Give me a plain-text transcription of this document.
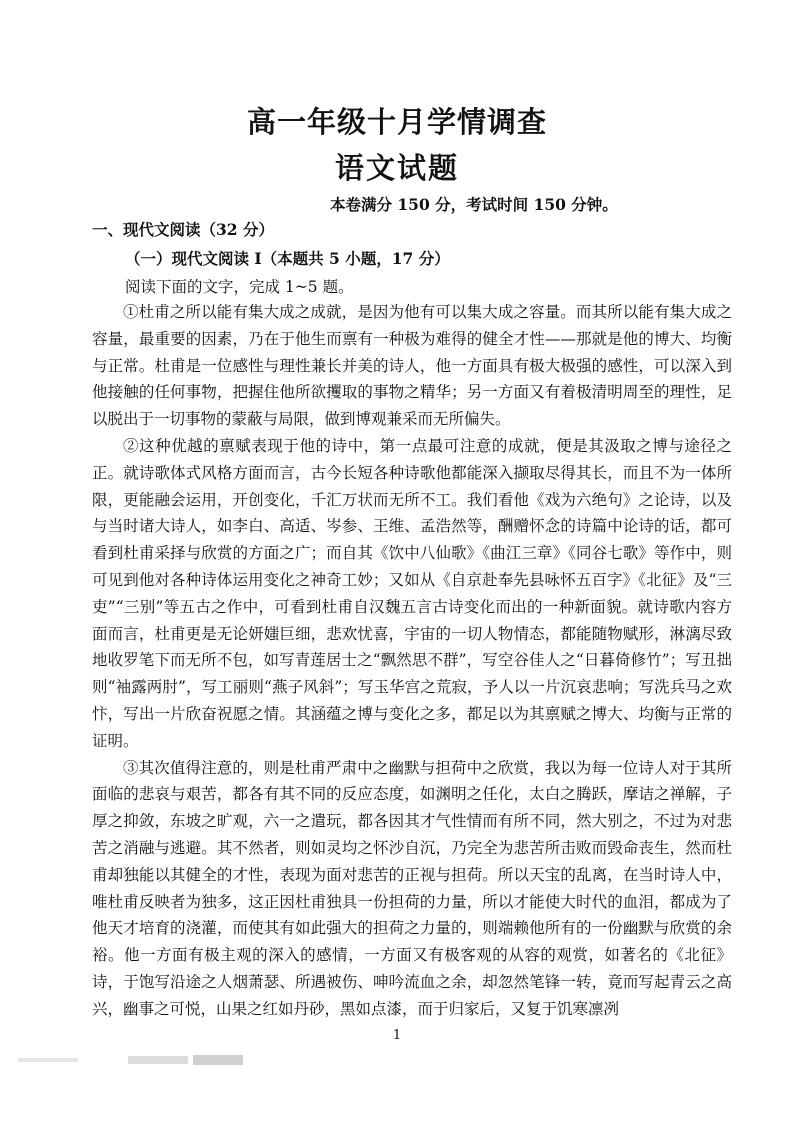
高一年级十月学情调查
语文试题
本卷满分 150 分，考试时间 150 分钟。
一、现代文阅读（32 分）
（一）现代文阅读 I（本题共 5 小题，17 分）
阅读下面的文字，完成 1~5 题。

①杜甫之所以能有集大成之成就，是因为他有可以集大成之容量。而其所以能有集大成之容量，最重要的因素，乃在于他生而禀有一种极为难得的健全才性——那就是他的博大、均衡与正常。杜甫是一位感性与理性兼长并美的诗人，他一方面具有极大极强的感性，可以深入到他接触的任何事物，把握住他所欲攫取的事物之精华；另一方面又有着极清明周至的理性，足以脱出于一切事物的蒙蔽与局限，做到博观兼采而无所偏失。

②这种优越的禀赋表现于他的诗中，第一点最可注意的成就，便是其汲取之博与途径之正。就诗歌体式风格方面而言，古今长短各种诗歌他都能深入撷取尽得其长，而且不为一体所限，更能融会运用，开创变化，千汇万状而无所不工。我们看他《戏为六绝句》之论诗，以及与当时诸大诗人，如李白、高适、岑参、王维、孟浩然等，酬赠怀念的诗篇中论诗的话，都可看到杜甫采择与欣赏的方面之广；而自其《饮中八仙歌》《曲江三章》《同谷七歌》等作中，则可见到他对各种诗体运用变化之神奇工妙；又如从《自京赴奉先县咏怀五百字》《北征》及“三吏”“三别”等五古之作中，可看到杜甫自汉魏五言古诗变化而出的一种新面貌。就诗歌内容方面而言，杜甫更是无论妍媸巨细，悲欢忧喜，宇宙的一切人物情态，都能随物赋形，淋漓尽致地收罗笔下而无所不包，如写青莲居士之“飘然思不群”，写空谷佳人之“日暮倚修竹”；写丑拙则“袖露两肘”，写工丽则“燕子风斜”；写玉华宫之荒寂，予人以一片沉哀悲响；写洗兵马之欢忭，写出一片欣奋祝愿之情。其涵蕴之博与变化之多，都足以为其禀赋之博大、均衡与正常的证明。

③其次值得注意的，则是杜甫严肃中之幽默与担荷中之欣赏，我以为每一位诗人对于其所面临的悲哀与艰苦，都各有其不同的反应态度，如渊明之任化，太白之腾跃，摩诘之禅解，子厚之抑敛，东坡之旷观，六一之遣玩，都各因其才气性情而有所不同，然大别之，不过为对悲苦之消融与逃避。其不然者，则如灵均之怀沙自沉，乃完全为悲苦所击败而毁命丧生，然而杜甫却独能以其健全的才性，表现为面对悲苦的正视与担荷。所以天宝的乱离，在当时诗人中，唯杜甫反映者为独多，这正因杜甫独具一份担荷的力量，所以才能使大时代的血泪，都成为了他天才培育的浇灌，而使其有如此强大的担荷之力量的，则端赖他所有的一份幽默与欣赏的余裕。他一方面有极主观的深入的感情，一方面又有极客观的从容的观赏，如著名的《北征》诗，于饱写沿途之人烟萧瑟、所遇被伤、呻吟流血之余，却忽然笔锋一转，竟而写起青云之高兴，幽事之可悦，山果之红如丹砂，黑如点漆，而于归家后，又复于饥寒凛冽

1
